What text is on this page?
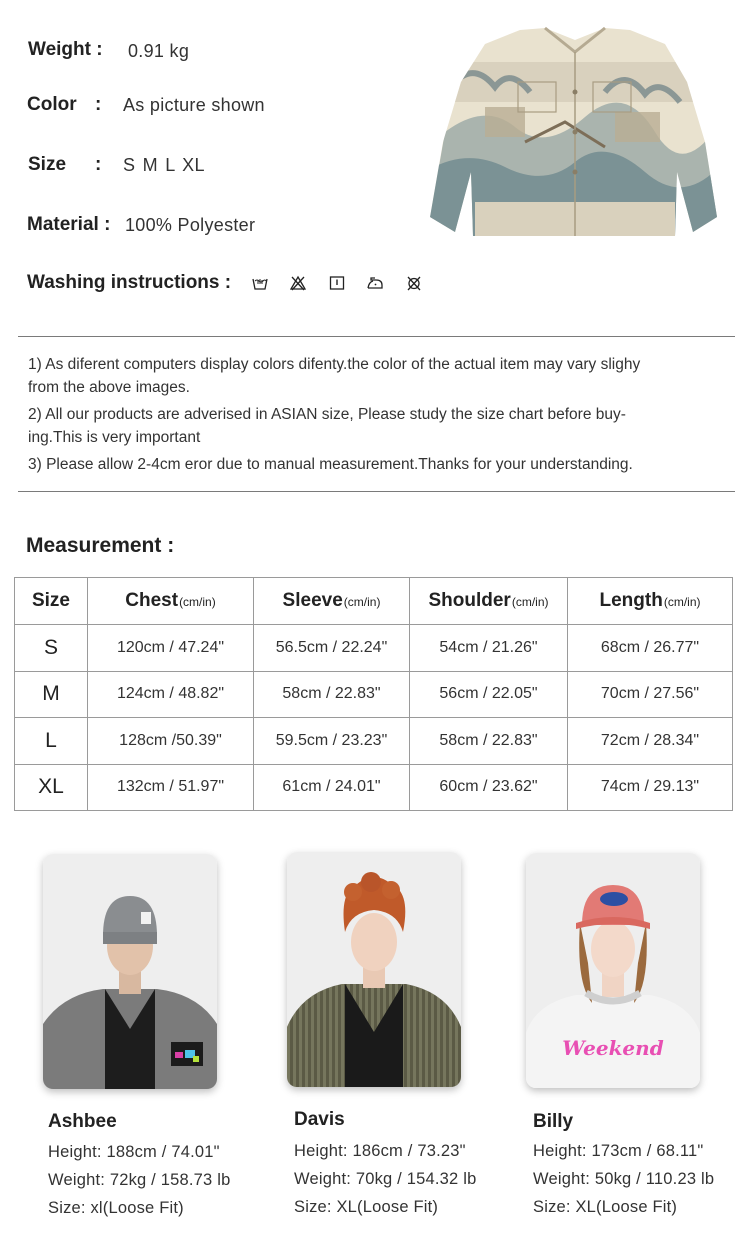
Weight : 0.91 kg
Color : As picture shown
Size : S M L XL
Material : 100% Polyester
Washing instructions :

1) As diferent computers display colors difenty.the color of the actual item may vary slighy
from the above images.
2) All our products are adverised in ASIAN size, Please study the size chart before buy-
ing.This is very important
3) Please allow 2-4cm eror due to manual measurement.Thanks for your understanding.
Measurement :
Size	Chest(cm/in)	Sleeve(cm/in)	Shoulder(cm/in)	Length(cm/in)
S	120cm / 47.24"	56.5cm / 22.24"	54cm / 21.26"	68cm / 26.77"
M	124cm / 48.82"	58cm / 22.83"	56cm / 22.05"	70cm / 27.56"
L	128cm /50.39"	59.5cm / 23.23"	58cm / 22.83"	72cm / 28.34"
XL	132cm / 51.97"	61cm / 24.01"	60cm / 23.62"	74cm / 29.13"
Weekend
Ashbee
Height: 188cm / 74.01"
Weight: 72kg / 158.73 lb
Size: xl(Loose Fit)
Davis
Height: 186cm / 73.23"
Weight: 70kg / 154.32 lb
Size: XL(Loose Fit)
Billy
Height: 173cm / 68.11"
Weight: 50kg / 110.23 lb
Size: XL(Loose Fit)
